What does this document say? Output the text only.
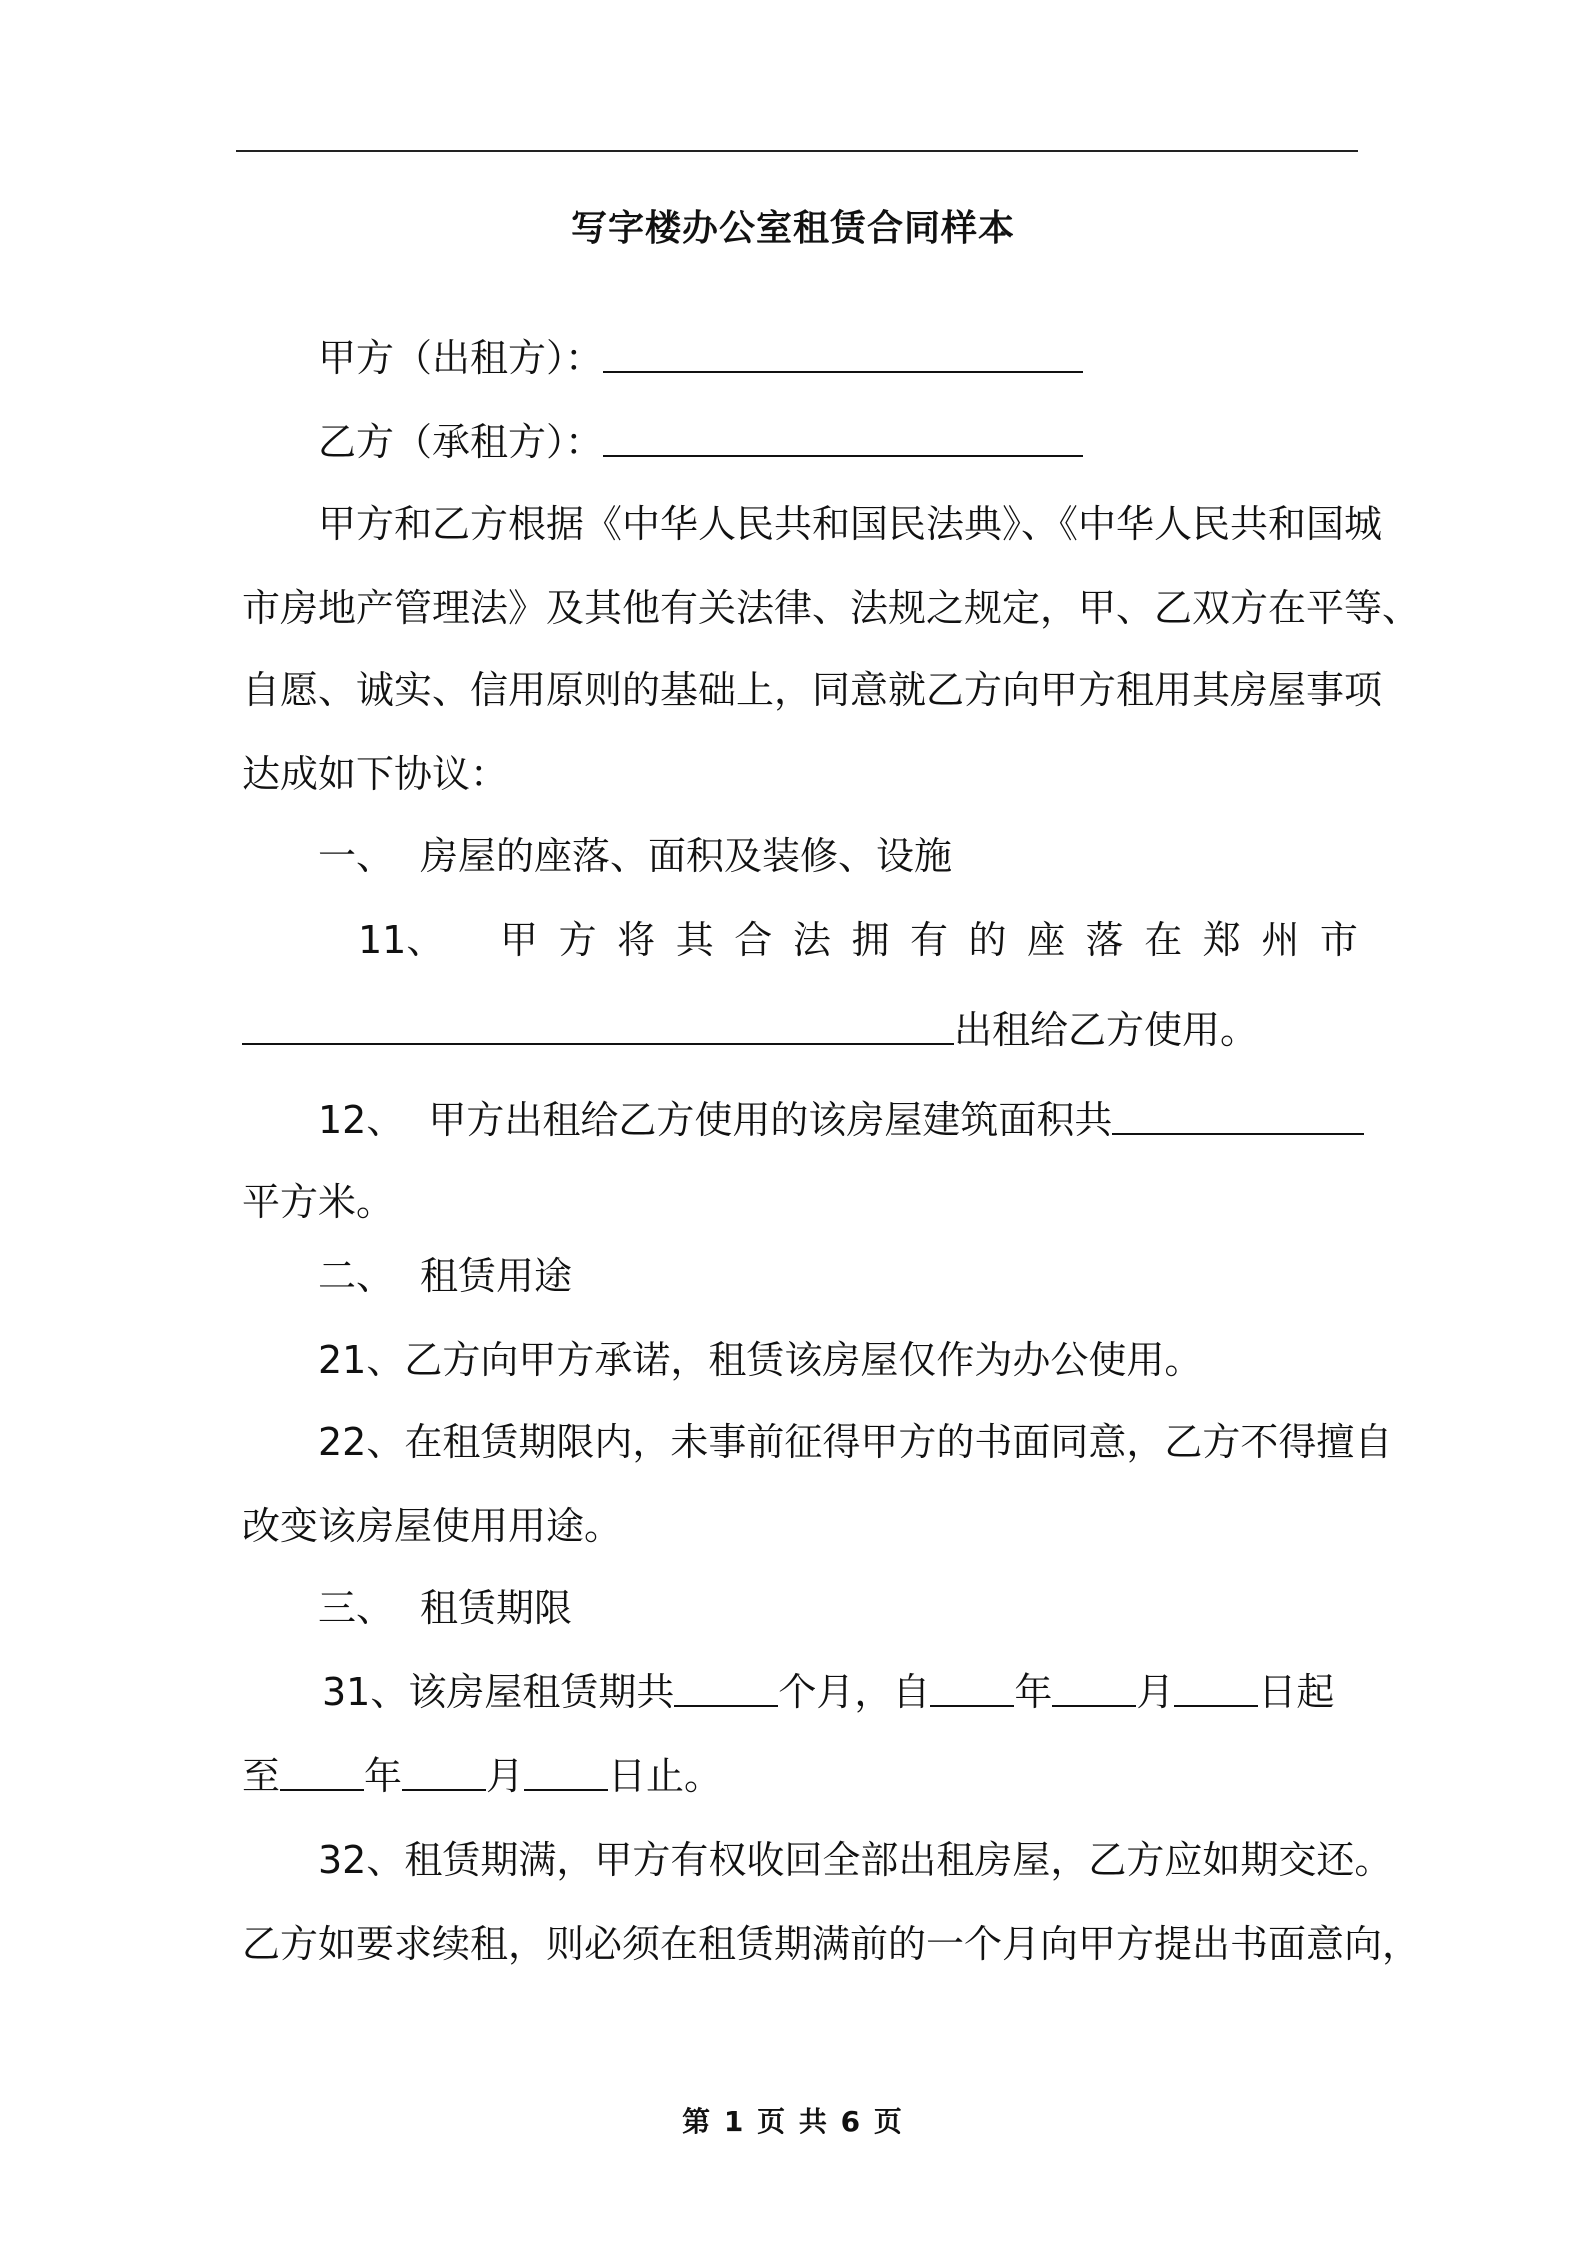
写字楼办公室租赁合同样本
甲方（出租方）：
乙方（承租方）：
甲方和乙方根据《中华人民共和国民法典》、《中华人民共和国城
市房地产管理法》及其他有关法律、法规之规定，甲、乙双方在平等、
自愿、诚实、信用原则的基础上，同意就乙方向甲方租用其房屋事项
达成如下协议：
一、 房屋的座落、面积及装修、设施
11、 甲 方 将 其 合 法 拥 有 的 座 落 在 郑 州 市
出租给乙方使用。
12、 甲方出租给乙方使用的该房屋建筑面积共
平方米。
二、 租赁用途
21、乙方向甲方承诺，租赁该房屋仅作为办公使用。
22、在租赁期限内，未事前征得甲方的书面同意，乙方不得擅自
改变该房屋使用用途。
三、 租赁期限
31、该房屋租赁期共	个月，自 年 月 日起
至 年 月 日止。
32、租赁期满，甲方有权收回全部出租房屋，乙方应如期交还。
乙方如要求续租，则必须在租赁期满前的一个月向甲方提出书面意向，
第 1 页 共 6 页
